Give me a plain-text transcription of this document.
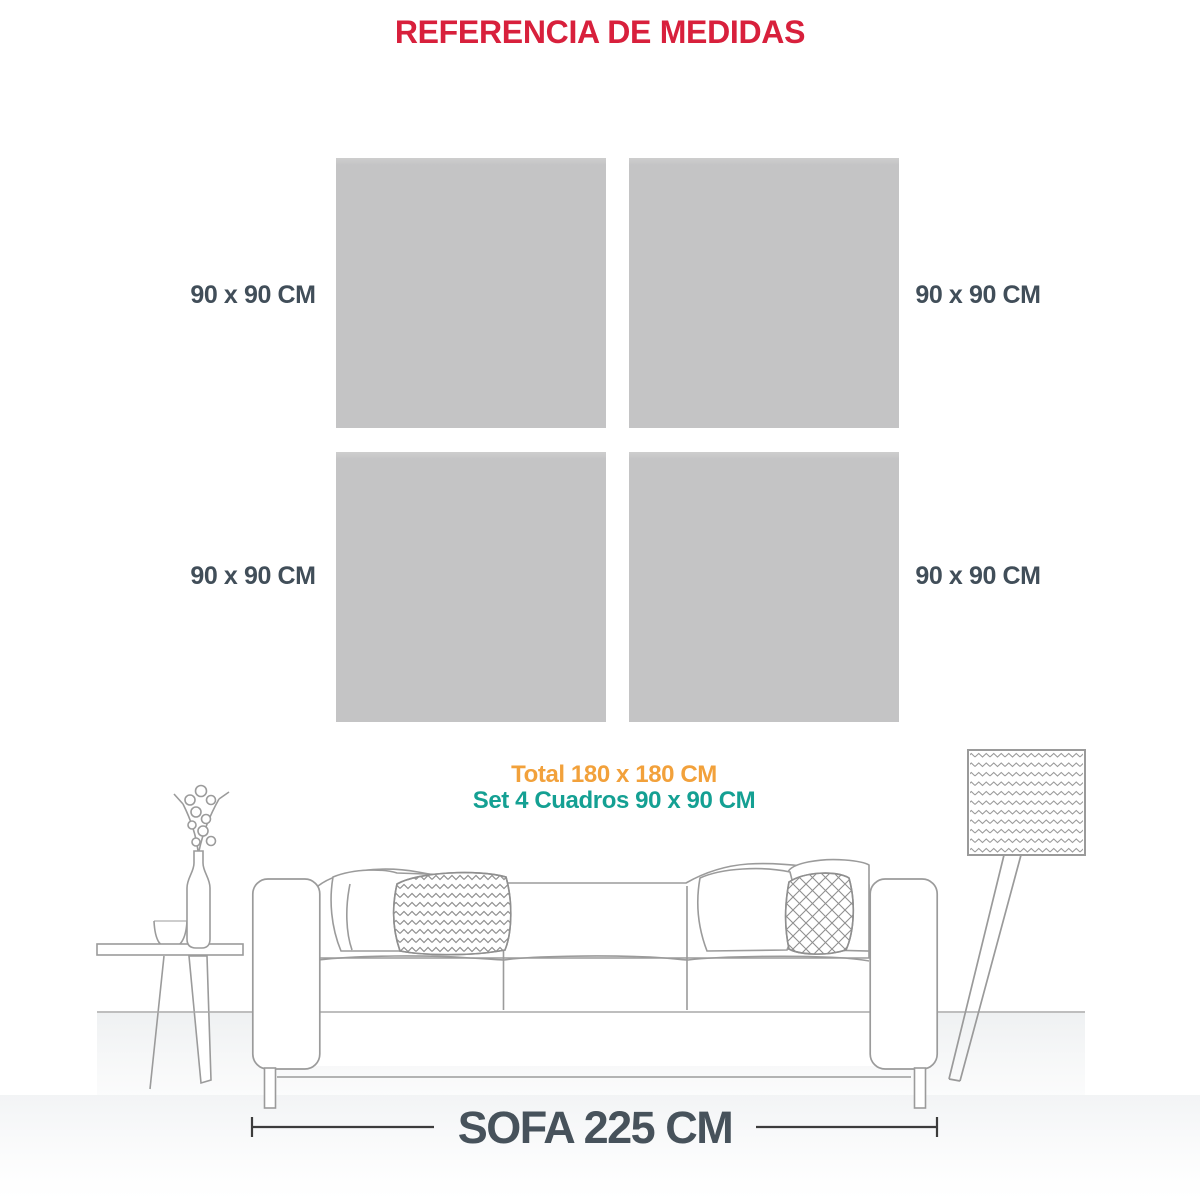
REFERENCIA DE MEDIDAS
90 x 90 CM	90 x 90 CM
90 x 90 CM	90 x 90 CM
Total 180 x 180 CM
Set 4 Cuadros 90 x 90 CM
SOFA 225 CM
